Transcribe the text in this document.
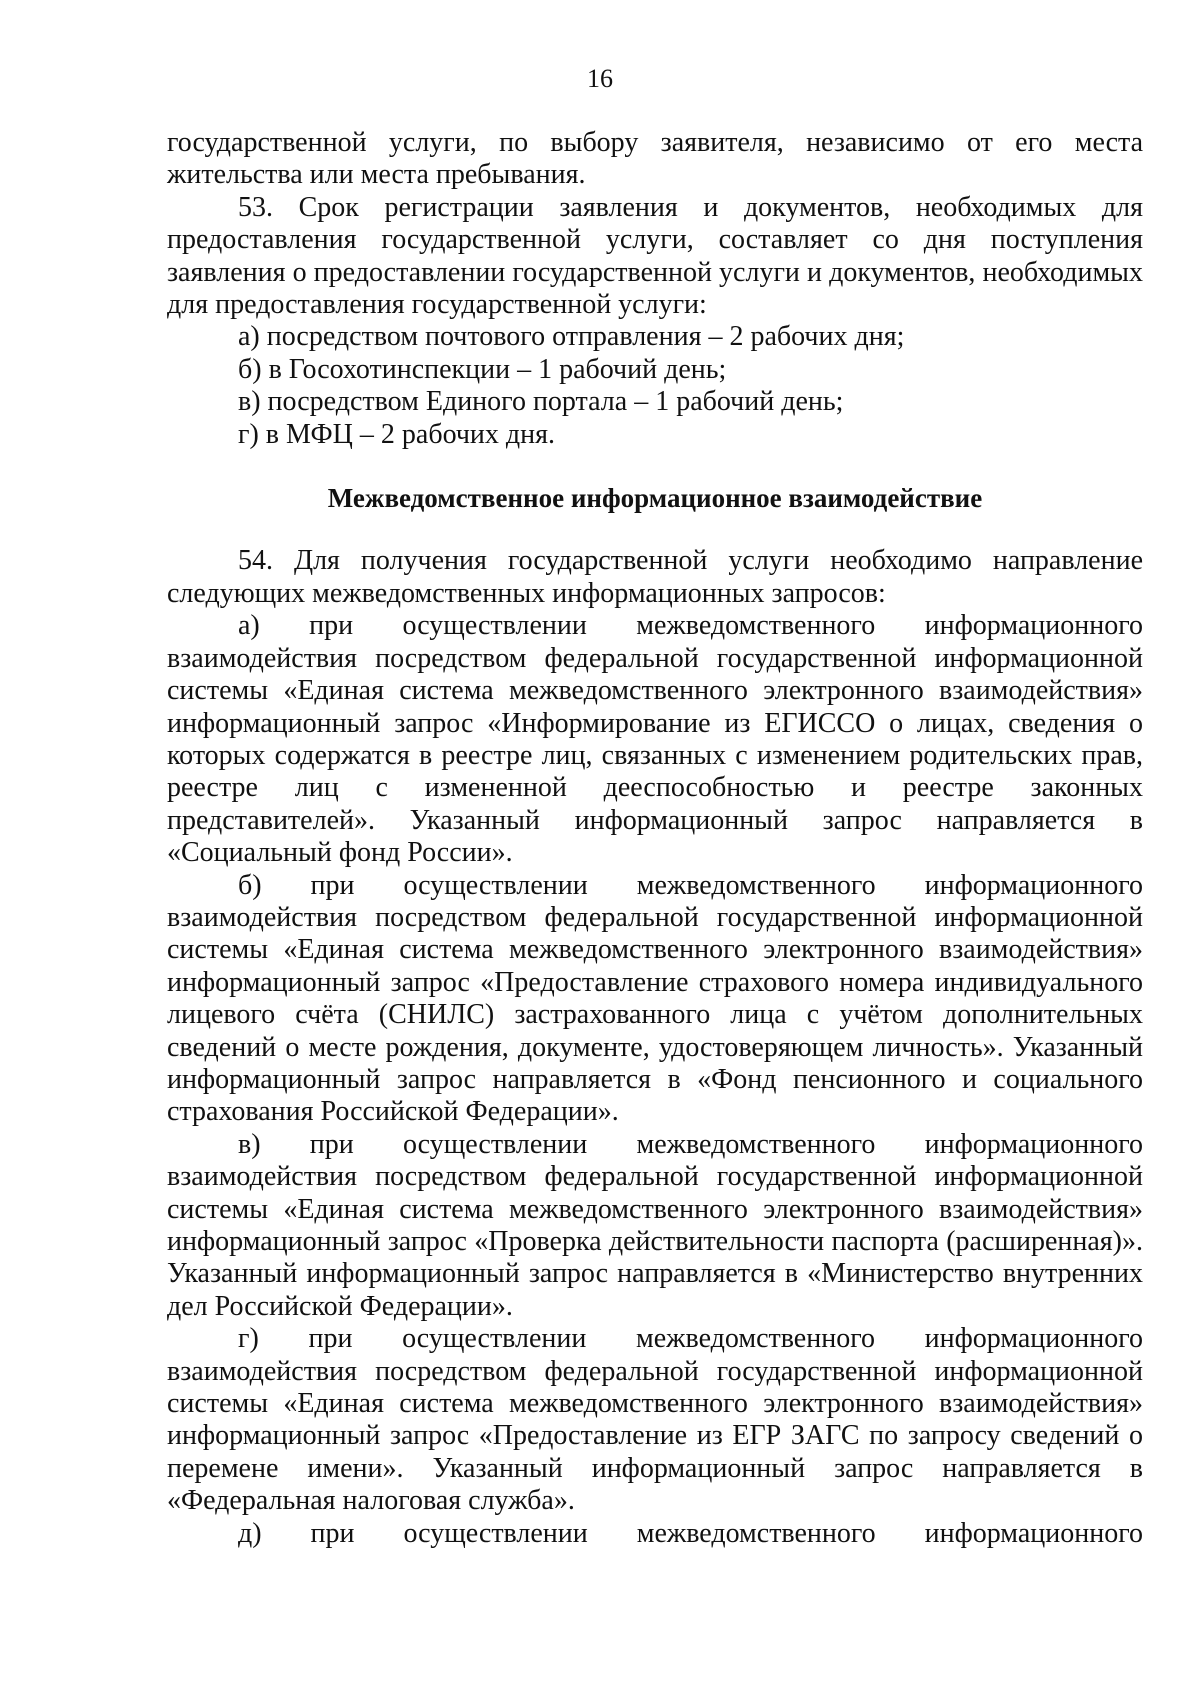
16

государственной услуги, по выбору заявителя, независимо от его места жительства или места пребывания.

53. Срок регистрации заявления и документов, необходимых для предоставления государственной услуги, составляет со дня поступления заявления о предоставлении государственной услуги и документов, необходимых для предоставления государственной услуги:

а) посредством почтового отправления – 2 рабочих дня;

б) в Госохотинспекции – 1 рабочий день;

в) посредством Единого портала – 1 рабочий день;

г) в МФЦ – 2 рабочих дня.

Межведомственное информационное взаимодействие

54. Для получения государственной услуги необходимо направление следующих межведомственных информационных запросов:

а) при осуществлении межведомственного информационного взаимодействия посредством федеральной государственной информационной системы «Единая система межведомственного электронного взаимодействия» информационный запрос «Информирование из ЕГИССО о лицах, сведения о которых содержатся в реестре лиц, связанных с изменением родительских прав, реестре лиц с измененной дееспособностью и реестре законных представителей». Указанный информационный запрос направляется в «Социальный фонд России».

б) при осуществлении межведомственного информационного взаимодействия посредством федеральной государственной информационной системы «Единая система межведомственного электронного взаимодействия» информационный запрос «Предоставление страхового номера индивидуального лицевого счёта (СНИЛС) застрахованного лица с учётом дополнительных сведений о месте рождения, документе, удостоверяющем личность». Указанный информационный запрос направляется в «Фонд пенсионного и социального страхования Российской Федерации».

в) при осуществлении межведомственного информационного взаимодействия посредством федеральной государственной информационной системы «Единая система межведомственного электронного взаимодействия» информационный запрос «Проверка действительности паспорта (расширенная)». Указанный информационный запрос направляется в «Министерство внутренних дел Российской Федерации».

г) при осуществлении межведомственного информационного взаимодействия посредством федеральной государственной информационной системы «Единая система межведомственного электронного взаимодействия» информационный запрос «Предоставление из ЕГР ЗАГС по запросу сведений о перемене имени». Указанный информационный запрос направляется в «Федеральная налоговая служба».

д) при осуществлении межведомственного информационного
